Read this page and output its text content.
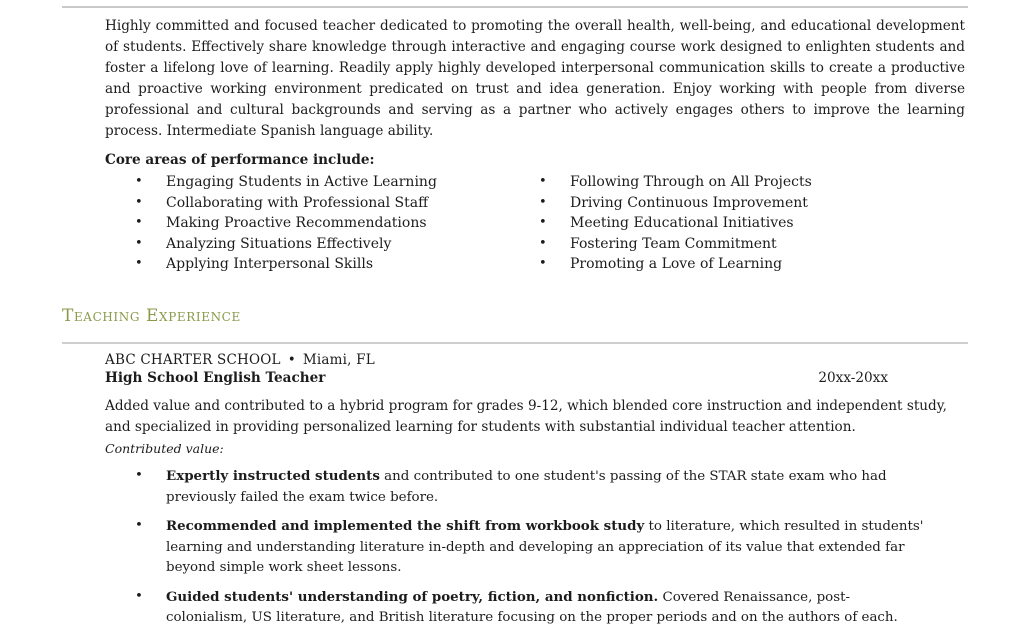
Highly committed and focused teacher dedicated to promoting the overall health, well-being, and educational development of students. Effectively share knowledge through interactive and engaging course work designed to enlighten students and foster a lifelong love of learning. Readily apply highly developed interpersonal communication skills to create a productive and proactive working environment predicated on trust and idea generation. Enjoy working with people from diverse professional and cultural backgrounds and serving as a partner who actively engages others to improve the learning process. Intermediate Spanish language ability.

Core areas of performance include:
• Engaging Students in Active Learning
• Collaborating with Professional Staff
• Making Proactive Recommendations
• Analyzing Situations Effectively
• Applying Interpersonal Skills
• Following Through on All Projects
• Driving Continuous Improvement
• Meeting Educational Initiatives
• Fostering Team Commitment
• Promoting a Love of Learning
Teaching Experience
ABC CHARTER SCHOOL • Miami, FL
High School English Teacher	20xx-20xx
Added value and contributed to a hybrid program for grades 9-12, which blended core instruction and independent study, and specialized in providing personalized learning for students with substantial individual teacher attention.
Contributed value:
• Expertly instructed students and contributed to one student's passing of the STAR state exam who had previously failed the exam twice before.
• Recommended and implemented the shift from workbook study to literature, which resulted in students' learning and understanding literature in-depth and developing an appreciation of its value that extended far beyond simple work sheet lessons.
• Guided students' understanding of poetry, fiction, and nonfiction. Covered Renaissance, post-colonialism, US literature, and British literature focusing on the proper periods and on the authors of each.
